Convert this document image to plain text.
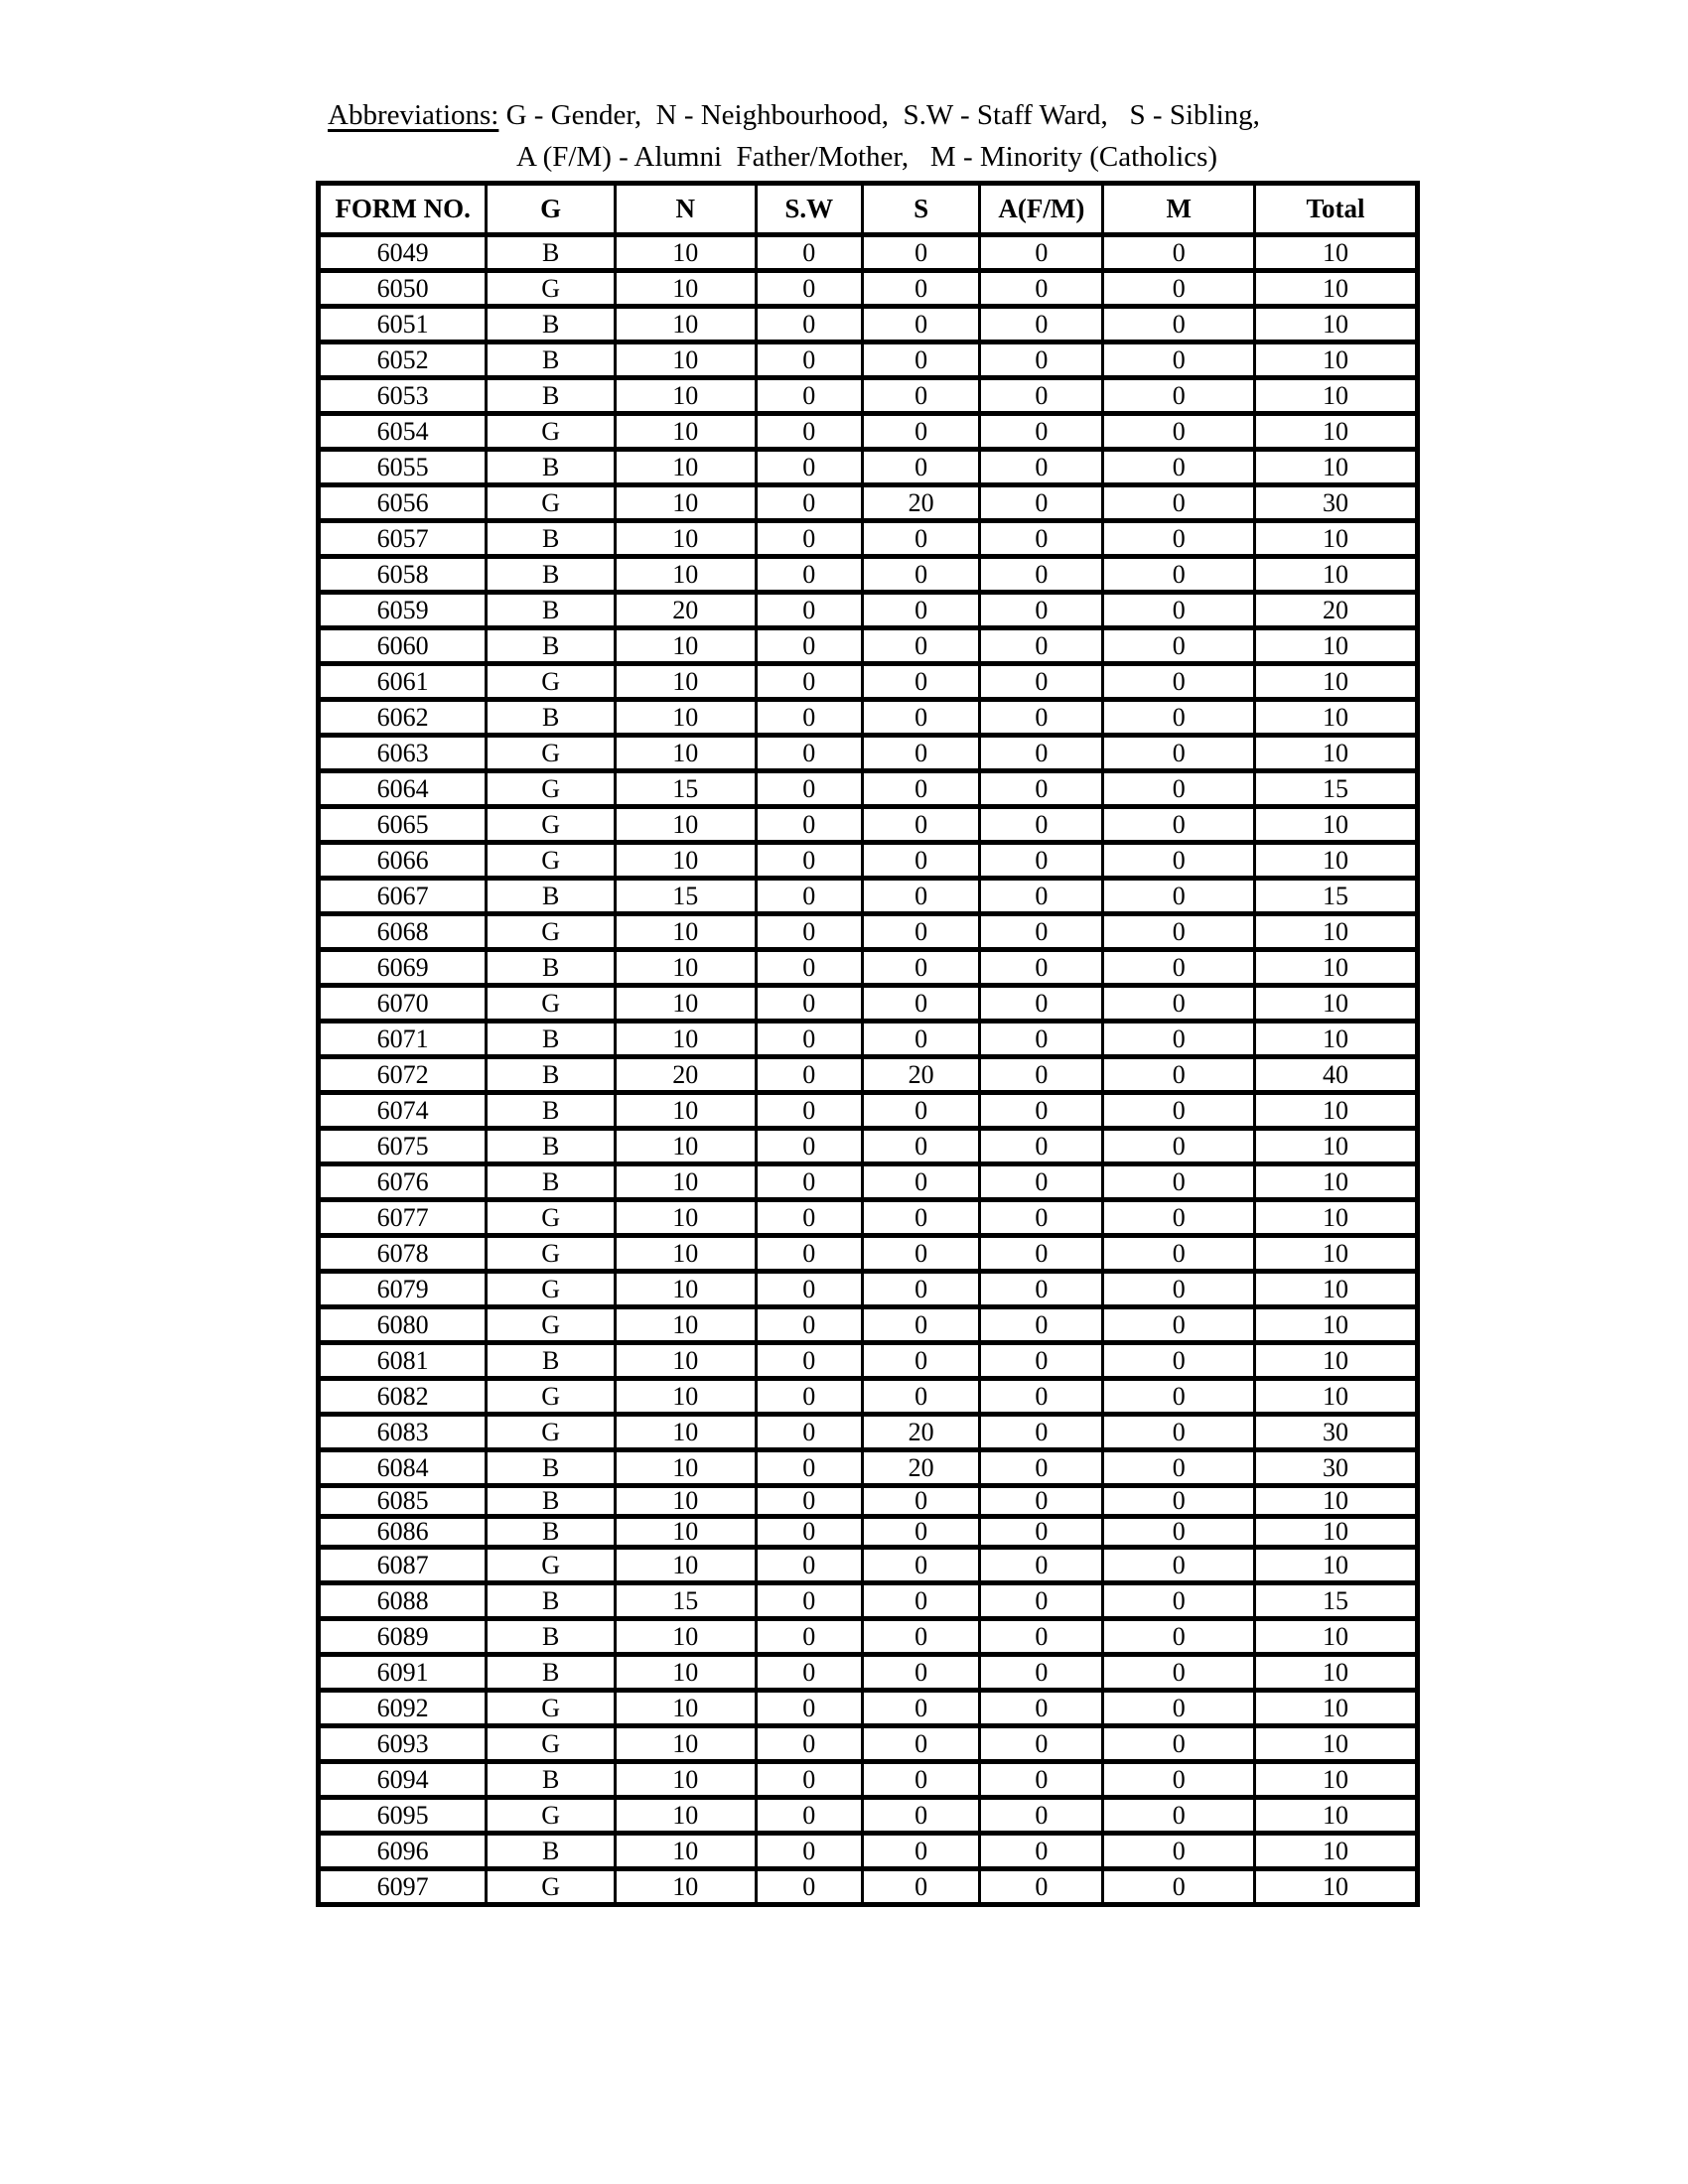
Abbreviations: G - Gender,  N - Neighbourhood,  S.W - Staff Ward,   S - Sibling,
A (F/M) - Alumni  Father/Mother,   M - Minority (Catholics)
FORM NO.	G	N	S.W	S	A(F/M)	M	Total
6049	B	10	0	0	0	0	10
6050	G	10	0	0	0	0	10
6051	B	10	0	0	0	0	10
6052	B	10	0	0	0	0	10
6053	B	10	0	0	0	0	10
6054	G	10	0	0	0	0	10
6055	B	10	0	0	0	0	10
6056	G	10	0	20	0	0	30
6057	B	10	0	0	0	0	10
6058	B	10	0	0	0	0	10
6059	B	20	0	0	0	0	20
6060	B	10	0	0	0	0	10
6061	G	10	0	0	0	0	10
6062	B	10	0	0	0	0	10
6063	G	10	0	0	0	0	10
6064	G	15	0	0	0	0	15
6065	G	10	0	0	0	0	10
6066	G	10	0	0	0	0	10
6067	B	15	0	0	0	0	15
6068	G	10	0	0	0	0	10
6069	B	10	0	0	0	0	10
6070	G	10	0	0	0	0	10
6071	B	10	0	0	0	0	10
6072	B	20	0	20	0	0	40
6074	B	10	0	0	0	0	10
6075	B	10	0	0	0	0	10
6076	B	10	0	0	0	0	10
6077	G	10	0	0	0	0	10
6078	G	10	0	0	0	0	10
6079	G	10	0	0	0	0	10
6080	G	10	0	0	0	0	10
6081	B	10	0	0	0	0	10
6082	G	10	0	0	0	0	10
6083	G	10	0	20	0	0	30
6084	B	10	0	20	0	0	30
6085	B	10	0	0	0	0	10
6086	B	10	0	0	0	0	10
6087	G	10	0	0	0	0	10
6088	B	15	0	0	0	0	15
6089	B	10	0	0	0	0	10
6091	B	10	0	0	0	0	10
6092	G	10	0	0	0	0	10
6093	G	10	0	0	0	0	10
6094	B	10	0	0	0	0	10
6095	G	10	0	0	0	0	10
6096	B	10	0	0	0	0	10
6097	G	10	0	0	0	0	10
